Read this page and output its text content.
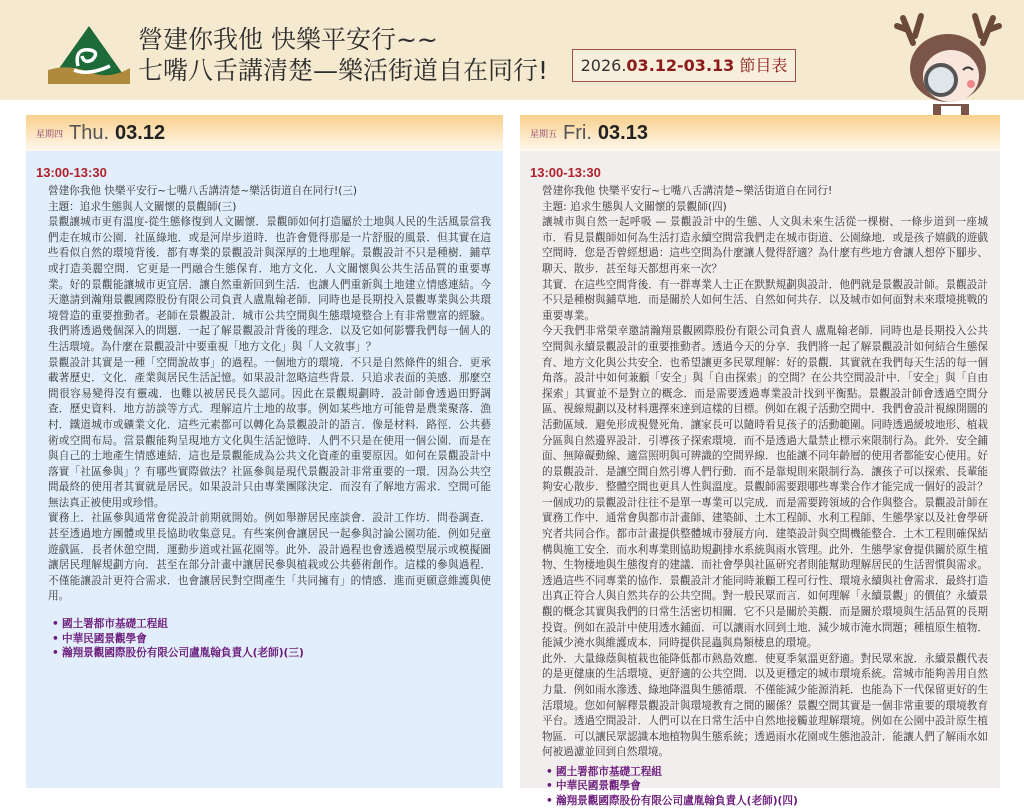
營建你我他 快樂平安行~~
七嘴八舌講清楚—樂活街道自在同行!	2026.03.12-03.13 節目表
星期四 Thu. 03.12
13:00-13:30

營建你我他 快樂平安行~七嘴八舌講清楚~樂活街道自在同行!(三)

主題：追求生態與人文關懷的景觀師(三)

景觀讓城市更有溫度-從生態修復到人文關懷．景觀師如何打造屬於土地與人民的生活風景當我們走在城市公園．社區綠地．或是河岸步道時．也許會覺得那是一片舒服的風景．但其實在這些看似自然的環境背後．都有專業的景觀設計與深厚的土地理解。景觀設計不只是種樹．鋪草或打造美麗空間．它更是一門融合生態保育．地方文化．人文關懷與公共生活品質的重要專業。好的景觀能讓城市更宜居．讓自然重新回到生活．也讓人們重新與土地建立情感連結。今天邀請到瀚翔景觀國際股份有限公司負責人盧胤翰老師．同時也是長期投入景觀專業與公共環境營造的重要推動者。老師在景觀設計．城市公共空間與生態環境整合上有非常豐富的經驗。我們將透過幾個深入的問題．一起了解景觀設計背後的理念．以及它如何影響我們每一個人的生活環境。為什麼在景觀設計中要重視「地方文化」與「人文敘事」？

景觀設計其實是一種「空間說故事」的過程。一個地方的環境．不只是自然條件的組合．更承載著歷史．文化．產業與居民生活記憶。如果設計忽略這些背景．只追求表面的美感．那麼空間很容易變得沒有靈魂．也難以被居民長久認同。因此在景觀規劃時．設計師會透過田野調查．歷史資料．地方訪談等方式．理解這片土地的故事。例如某些地方可能曾是農業聚落．漁村．鐵道城市或礦業文化．這些元素都可以轉化為景觀設計的語言．像是材料．路徑．公共藝術或空間布局。當景觀能夠呈現地方文化與生活記憶時．人們不只是在使用一個公園．而是在與自己的土地產生情感連結．這也是景觀能成為公共文化資產的重要原因。如何在景觀設計中落實「社區參與」？有哪些實際做法？社區參與是現代景觀設計非常重要的一環．因為公共空間最終的使用者其實就是居民。如果設計只由專業團隊決定．而沒有了解地方需求．空間可能無法真正被使用或珍惜。

實務上．社區參與通常會從設計前期就開始。例如舉辦居民座談會．設計工作坊．問卷調查．甚至透過地方團體或里長協助收集意見。有些案例會讓居民一起參與討論公園功能．例如兒童遊戲區．長者休憩空間．運動步道或社區花園等。此外．設計過程也會透過模型展示或模擬圖讓居民理解規劃方向．甚至在部分計畫中讓居民參與植栽或公共藝術創作。這樣的參與過程．不僅能讓設計更符合需求．也會讓居民對空間產生「共同擁有」的情感．進而更願意維護與使用。

• 國土署都市基礎工程組
• 中華民國景觀學會
• 瀚翔景觀國際股份有限公司盧胤翰負責人(老師)(三)
星期五 Fri. 03.13
13:00-13:30

營建你我他 快樂平安行~七嘴八舌講清楚~樂活街道自在同行!

主題: 追求生態與人文關懷的景觀師(四)

讓城市與自然一起呼吸 — 景觀設計中的生態、人文與未來生活從一棵樹、一條步道到一座城市．看見景觀師如何為生活打造永續空間當我們走在城市街道、公園綠地．或是孩子嬉戲的遊戲空間時．您是否曾經想過：這些空間為什麼讓人覺得舒適？為什麼有些地方會讓人想停下腳步、聊天、散步．甚至每天都想再來一次？

其實．在這些空間背後．有一群專業人士正在默默規劃與設計．他們就是景觀設計師。景觀設計不只是種樹與鋪草地．而是關於人如何生活、自然如何共存．以及城市如何面對未來環境挑戰的重要專業。

今天我們非常榮幸邀請瀚翔景觀國際股份有限公司負責人 盧胤翰老師．同時也是長期投入公共空間與永續景觀設計的重要推動者。透過今天的分享．我們將一起了解景觀設計如何結合生態保育、地方文化與公共安全．也希望讓更多民眾理解：好的景觀．其實就在我們每天生活的每一個角落。設計中如何兼顧「安全」與「自由探索」的空間？在公共空間設計中．「安全」與「自由探索」其實並不是對立的概念．而是需要透過專業設計找到平衡點。景觀設計師會透過空間分區、視線規劃以及材料選擇來達到這樣的目標。例如在親子活動空間中．我們會設計視線開闊的活動區域．避免形成視覺死角．讓家長可以隨時看見孩子的活動範圍。同時透過緩坡地形、植栽分區與自然邊界設計．引導孩子探索環境．而不是透過大量禁止標示來限制行為。此外．安全鋪面、無障礙動線、適當照明與可辨識的空間界線．也能讓不同年齡層的使用者都能安心使用。好的景觀設計．是讓空間自然引導人們行動．而不是靠規則來限制行為．讓孩子可以探索、長輩能夠安心散步．整體空間也更具人性與溫度。景觀師需要跟哪些專業合作才能完成一個好的設計？一個成功的景觀設計往往不是單一專業可以完成．而是需要跨領域的合作與整合。景觀設計師在實務工作中．通常會與都市計畫師、建築師、土木工程師、水利工程師、生態學家以及社會學研究者共同合作。都市計畫提供整體城市發展方向．建築設計與空間機能整合．土木工程則確保結構與施工安全．而水利專業則協助規劃排水系統與雨水管理。此外．生態學家會提供關於原生植物、生物棲地與生態復育的建議．而社會學與社區研究者則能幫助理解居民的生活習慣與需求。透過這些不同專業的協作．景觀設計才能同時兼顧工程可行性、環境永續與社會需求．最終打造出真正符合人與自然共存的公共空間。對一般民眾而言．如何理解「永續景觀」的價值？永續景觀的概念其實與我們的日常生活密切相關．它不只是關於美觀．而是關於環境與生活品質的長期投資。例如在設計中使用透水鋪面．可以讓雨水回到土地．減少城市淹水問題；種植原生植物．能減少澆水與維護成本．同時提供昆蟲與鳥類棲息的環境。

此外．大量綠蔭與植栽也能降低都市熱島效應．使夏季氣溫更舒適。對民眾來說．永續景觀代表的是更健康的生活環境、更舒適的公共空間．以及更穩定的城市環境系統。當城市能夠善用自然力量．例如雨水滲透、綠地降溫與生態循環．不僅能減少能源消耗．也能為下一代保留更好的生活環境。您如何解釋景觀設計與環境教育之間的關係？景觀空間其實是一個非常重要的環境教育平台。透過空間設計．人們可以在日常生活中自然地接觸並理解環境。例如在公園中設計原生植物區．可以讓民眾認識本地植物與生態系統；透過雨水花園或生態池設計．能讓人們了解雨水如何被過濾並回到自然環境。

• 國土署都市基礎工程組
• 中華民國景觀學會
• 瀚翔景觀國際股份有限公司盧胤翰負責人(老師)(四)
